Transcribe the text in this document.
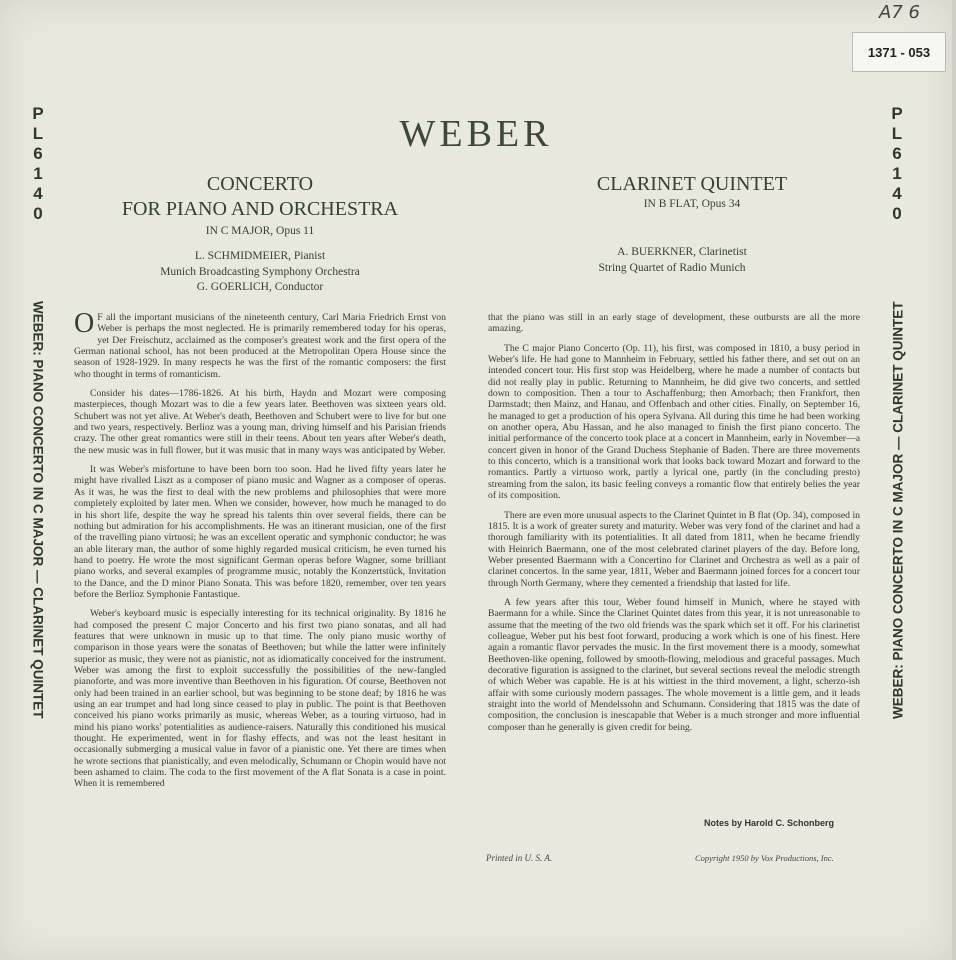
A7 6
1371 - 053
P
L
6
1
4
0
P
L
6
1
4
0
WEBER: PIANO CONCERTO IN C MAJOR — CLARINET QUINTET	WEBER: PIANO CONCERTO IN C MAJOR — CLARINET QUINTET
WEBER
CONCERTO
FOR PIANO AND ORCHESTRA
IN C MAJOR, Opus 11
L. SCHMIDMEIER, Pianist
Munich Broadcasting Symphony Orchestra
G. GOERLICH, Conductor
CLARINET QUINTET
IN B FLAT, Opus 34
A. BUERKNER, Clarinetist
String Quartet of Radio Munich

O F all the important musicians of the nineteenth century, Carl Maria Friedrich Ernst von Weber is perhaps the most neglected. He is primarily remembered today for his operas, yet Der Freischutz, acclaimed as the composer's greatest work and the first opera of the German national school, has not been produced at the Metropolitan Opera House since the season of 1928-1929. In many respects he was the first of the romantic composers: the first who thought in terms of romanticism.

Consider his dates—1786-1826. At his birth, Haydn and Mozart were composing masterpieces, though Mozart was to die a few years later. Beethoven was sixteen years old. Schubert was not yet alive. At Weber's death, Beethoven and Schubert were to live for but one and two years, respectively. Berlioz was a young man, driving himself and his Parisian friends crazy. The other great romantics were still in their teens. About ten years after Weber's death, the new music was in full flower, but it was music that in many ways was anticipated by Weber.

It was Weber's misfortune to have been born too soon. Had he lived fifty years later he might have rivalled Liszt as a composer of piano music and Wagner as a composer of operas. As it was, he was the first to deal with the new problems and philosophies that were more completely exploited by later men. When we consider, however, how much he managed to do in his short life, despite the way he spread his talents thin over several fields, there can be nothing but admiration for his accomplishments. He was an itinerant musician, one of the first of the travelling piano virtuosi; he was an excellent operatic and symphonic conductor; he was an able literary man, the author of some highly regarded musical criticism, he even turned his hand to poetry. He wrote the most significant German operas before Wagner, some brilliant piano works, and several examples of programme music, notably the Konzertstück, Invitation to the Dance, and the D minor Piano Sonata. This was before 1820, remember, over ten years before the Berlioz Symphonie Fantastique.

Weber's keyboard music is especially interesting for its technical originality. By 1816 he had composed the present C major Concerto and his first two piano sonatas, and all had features that were unknown in music up to that time. The only piano music worthy of comparison in those years were the sonatas of Beethoven; but while the latter were infinitely superior as music, they were not as pianistic, not as idiomatically conceived for the instrument. Weber was among the first to exploit successfully the possibilities of the new-fangled pianoforte, and was more inventive than Beethoven in his figuration. Of course, Beethoven not only had been trained in an earlier school, but was beginning to be stone deaf; by 1816 he was using an ear trumpet and had long since ceased to play in public. The point is that Beethoven conceived his piano works primarily as music, whereas Weber, as a touring virtuoso, had in mind his piano works' potentialities as audience-raisers. Naturally this conditioned his musical thought. He experimented, went in for flashy effects, and was not the least hesitant in occasionally submerging a musical value in favor of a pianistic one. Yet there are times when he wrote sections that pianistically, and even melodically, Schumann or Chopin would have not been ashamed to claim. The coda to the first movement of the A flat Sonata is a case in point. When it is remembered

that the piano was still in an early stage of development, these outbursts are all the more amazing.

The C major Piano Concerto (Op. 11), his first, was composed in 1810, a busy period in Weber's life. He had gone to Mannheim in February, settled his father there, and set out on an intended concert tour. His first stop was Heidelberg, where he made a number of contacts but did not really play in public. Returning to Mannheim, he did give two concerts, and settled down to composition. Then a tour to Aschaffenburg; then Amorbach; then Frankfort, then Darmstadt; then Mainz, and Hanau, and Offenbach and other cities. Finally, on September 16, he managed to get a production of his opera Sylvana. All during this time he had been working on another opera, Abu Hassan, and he also managed to finish the first piano concerto. The initial performance of the concerto took place at a concert in Mannheim, early in November—a concert given in honor of the Grand Duchess Stephanie of Baden. There are three movements to this concerto, which is a transitional work that looks back toward Mozart and forward to the romantics. Partly a virtuoso work, partly a lyrical one, partly (in the concluding presto) streaming from the salon, its basic feeling conveys a romantic flow that entirely belies the year of its composition.

There are even more unusual aspects to the Clarinet Quintet in B flat (Op. 34), composed in 1815. It is a work of greater surety and maturity. Weber was very fond of the clarinet and had a thorough familiarity with its potentialities. It all dated from 1811, when he became friendly with Heinrich Baermann, one of the most celebrated clarinet players of the day. Before long, Weber presented Baermann with a Concertino for Clarinet and Orchestra as well as a pair of clarinet concertos. In the same year, 1811, Weber and Baermann joined forces for a concert tour through North Germany, where they cemented a friendship that lasted for life.

A few years after this tour, Weber found himself in Munich, where he stayed with Baermann for a while. Since the Clarinet Quintet dates from this year, it is not unreasonable to assume that the meeting of the two old friends was the spark which set it off. For his clarinetist colleague, Weber put his best foot forward, producing a work which is one of his finest. Here again a romantic flavor pervades the music. In the first movement there is a moody, somewhat Beethoven-like opening, followed by smooth-flowing, melodious and graceful passages. Much decorative figuration is assigned to the clarinet, but several sections reveal the melodic strength of which Weber was capable. He is at his wittiest in the third movement, a light, scherzo-ish affair with some curiously modern passages. The whole movement is a little gem, and it leads straight into the world of Mendelssohn and Schumann. Considering that 1815 was the date of composition, the conclusion is inescapable that Weber is a much stronger and more influential composer than he generally is given credit for being.

Notes by Harold C. Schonberg
Printed in U. S. A.	Copyright 1950 by Vox Productions, Inc.
